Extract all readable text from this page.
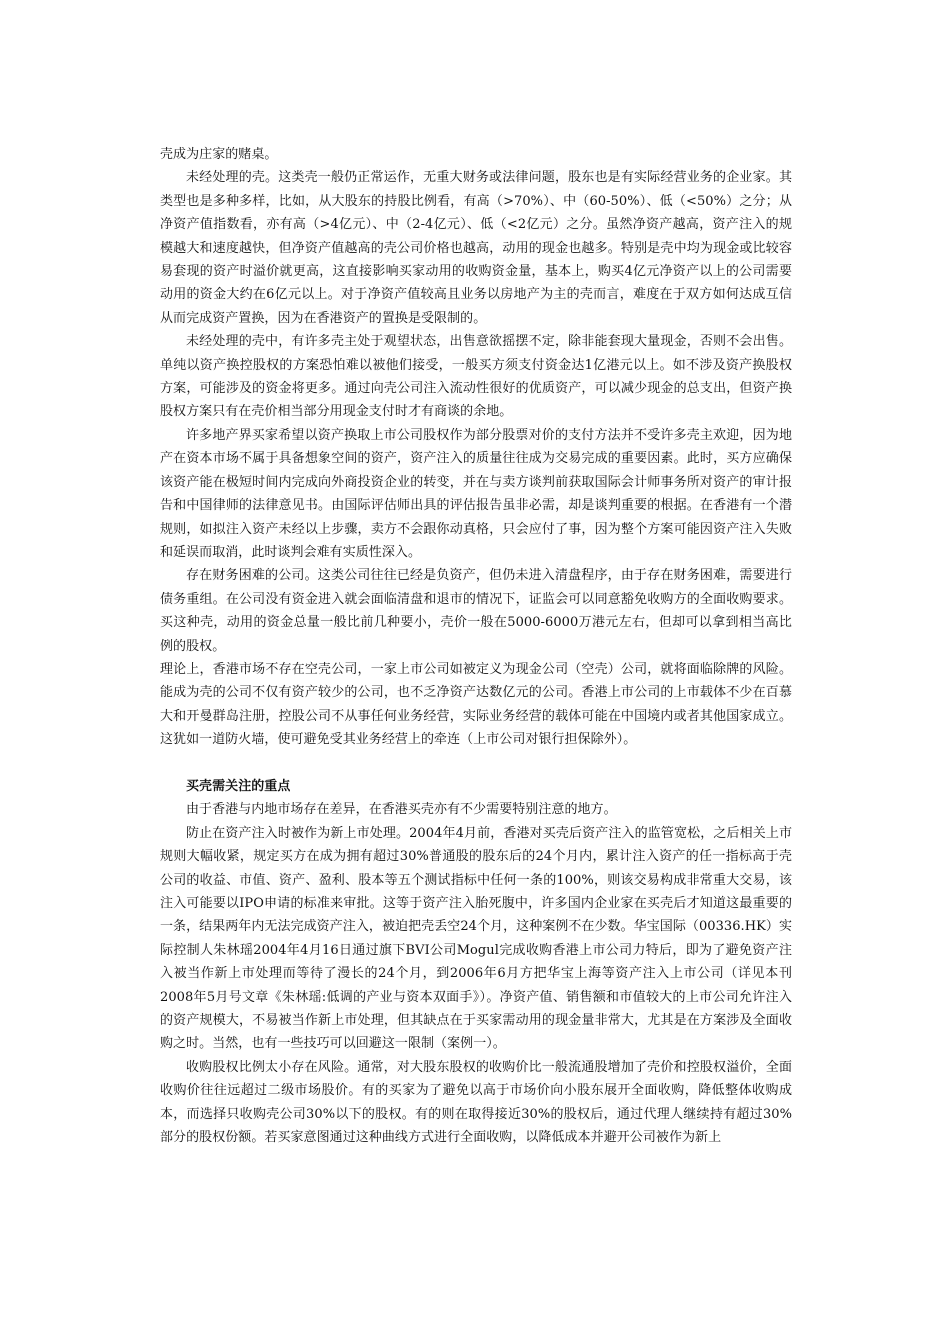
壳成为庄家的赌桌。

未经处理的壳。这类壳一般仍正常运作，无重大财务或法律问题，股东也是有实际经营业务的企业家。其类型也是多种多样，比如，从大股东的持股比例看，有高（>70%）、中（60-50%）、低（<50%）之分；从净资产值指数看，亦有高（>4亿元）、中（2-4亿元）、低（<2亿元）之分。虽然净资产越高，资产注入的规模越大和速度越快，但净资产值越高的壳公司价格也越高，动用的现金也越多。特别是壳中均为现金或比较容易套现的资产时溢价就更高，这直接影响买家动用的收购资金量，基本上，购买4亿元净资产以上的公司需要动用的资金大约在6亿元以上。对于净资产值较高且业务以房地产为主的壳而言，难度在于双方如何达成互信从而完成资产置换，因为在香港资产的置换是受限制的。

未经处理的壳中，有许多壳主处于观望状态，出售意欲摇摆不定，除非能套现大量现金，否则不会出售。单纯以资产换控股权的方案恐怕难以被他们接受，一般买方须支付资金达1亿港元以上。如不涉及资产换股权方案，可能涉及的资金将更多。通过向壳公司注入流动性很好的优质资产，可以减少现金的总支出，但资产换股权方案只有在壳价相当部分用现金支付时才有商谈的余地。

许多地产界买家希望以资产换取上市公司股权作为部分股票对价的支付方法并不受许多壳主欢迎，因为地产在资本市场不属于具备想象空间的资产，资产注入的质量往往成为交易完成的重要因素。此时，买方应确保该资产能在极短时间内完成向外商投资企业的转变，并在与卖方谈判前获取国际会计师事务所对资产的审计报告和中国律师的法律意见书。由国际评估师出具的评估报告虽非必需，却是谈判重要的根据。在香港有一个潜规则，如拟注入资产未经以上步骤，卖方不会跟你动真格，只会应付了事，因为整个方案可能因资产注入失败和延误而取消，此时谈判会难有实质性深入。

存在财务困难的公司。这类公司往往已经是负资产，但仍未进入清盘程序，由于存在财务困难，需要进行债务重组。在公司没有资金进入就会面临清盘和退市的情况下，证监会可以同意豁免收购方的全面收购要求。买这种壳，动用的资金总量一般比前几种要小，壳价一般在5000-6000万港元左右，但却可以拿到相当高比例的股权。

理论上，香港市场不存在空壳公司，一家上市公司如被定义为现金公司（空壳）公司，就将面临除牌的风险。能成为壳的公司不仅有资产较少的公司，也不乏净资产达数亿元的公司。香港上市公司的上市载体不少在百慕大和开曼群岛注册，控股公司不从事任何业务经营，实际业务经营的载体可能在中国境内或者其他国家成立。这犹如一道防火墙，使可避免受其业务经营上的牵连（上市公司对银行担保除外）。

买壳需关注的重点

由于香港与内地市场存在差异，在香港买壳亦有不少需要特别注意的地方。

防止在资产注入时被作为新上市处理。2004年4月前，香港对买壳后资产注入的监管宽松，之后相关上市规则大幅收紧，规定买方在成为拥有超过30%普通股的股东后的24个月内，累计注入资产的任一指标高于壳公司的收益、市值、资产、盈利、股本等五个测试指标中任何一条的100%，则该交易构成非常重大交易，该注入可能要以IPO申请的标准来审批。这等于资产注入胎死腹中，许多国内企业家在买壳后才知道这最重要的一条，结果两年内无法完成资产注入，被迫把壳丢空24个月，这种案例不在少数。华宝国际（00336.HK）实际控制人朱林瑶2004年4月16日通过旗下BVI公司Mogul完成收购香港上市公司力特后，即为了避免资产注入被当作新上市处理而等待了漫长的24个月，到2006年6月方把华宝上海等资产注入上市公司（详见本刊2008年5月号文章《朱林瑶:低调的产业与资本双面手》）。净资产值、销售额和市值较大的上市公司允许注入的资产规模大，不易被当作新上市处理，但其缺点在于买家需动用的现金量非常大，尤其是在方案涉及全面收购之时。当然，也有一些技巧可以回避这一限制（案例一）。

收购股权比例太小存在风险。通常，对大股东股权的收购价比一般流通股增加了壳价和控股权溢价，全面收购价往往远超过二级市场股价。有的买家为了避免以高于市场价向小股东展开全面收购，降低整体收购成本，而选择只收购壳公司30%以下的股权。有的则在取得接近30%的股权后，通过代理人继续持有超过30%部分的股权份额。若买家意图通过这种曲线方式进行全面收购，以降低成本并避开公司被作为新上
